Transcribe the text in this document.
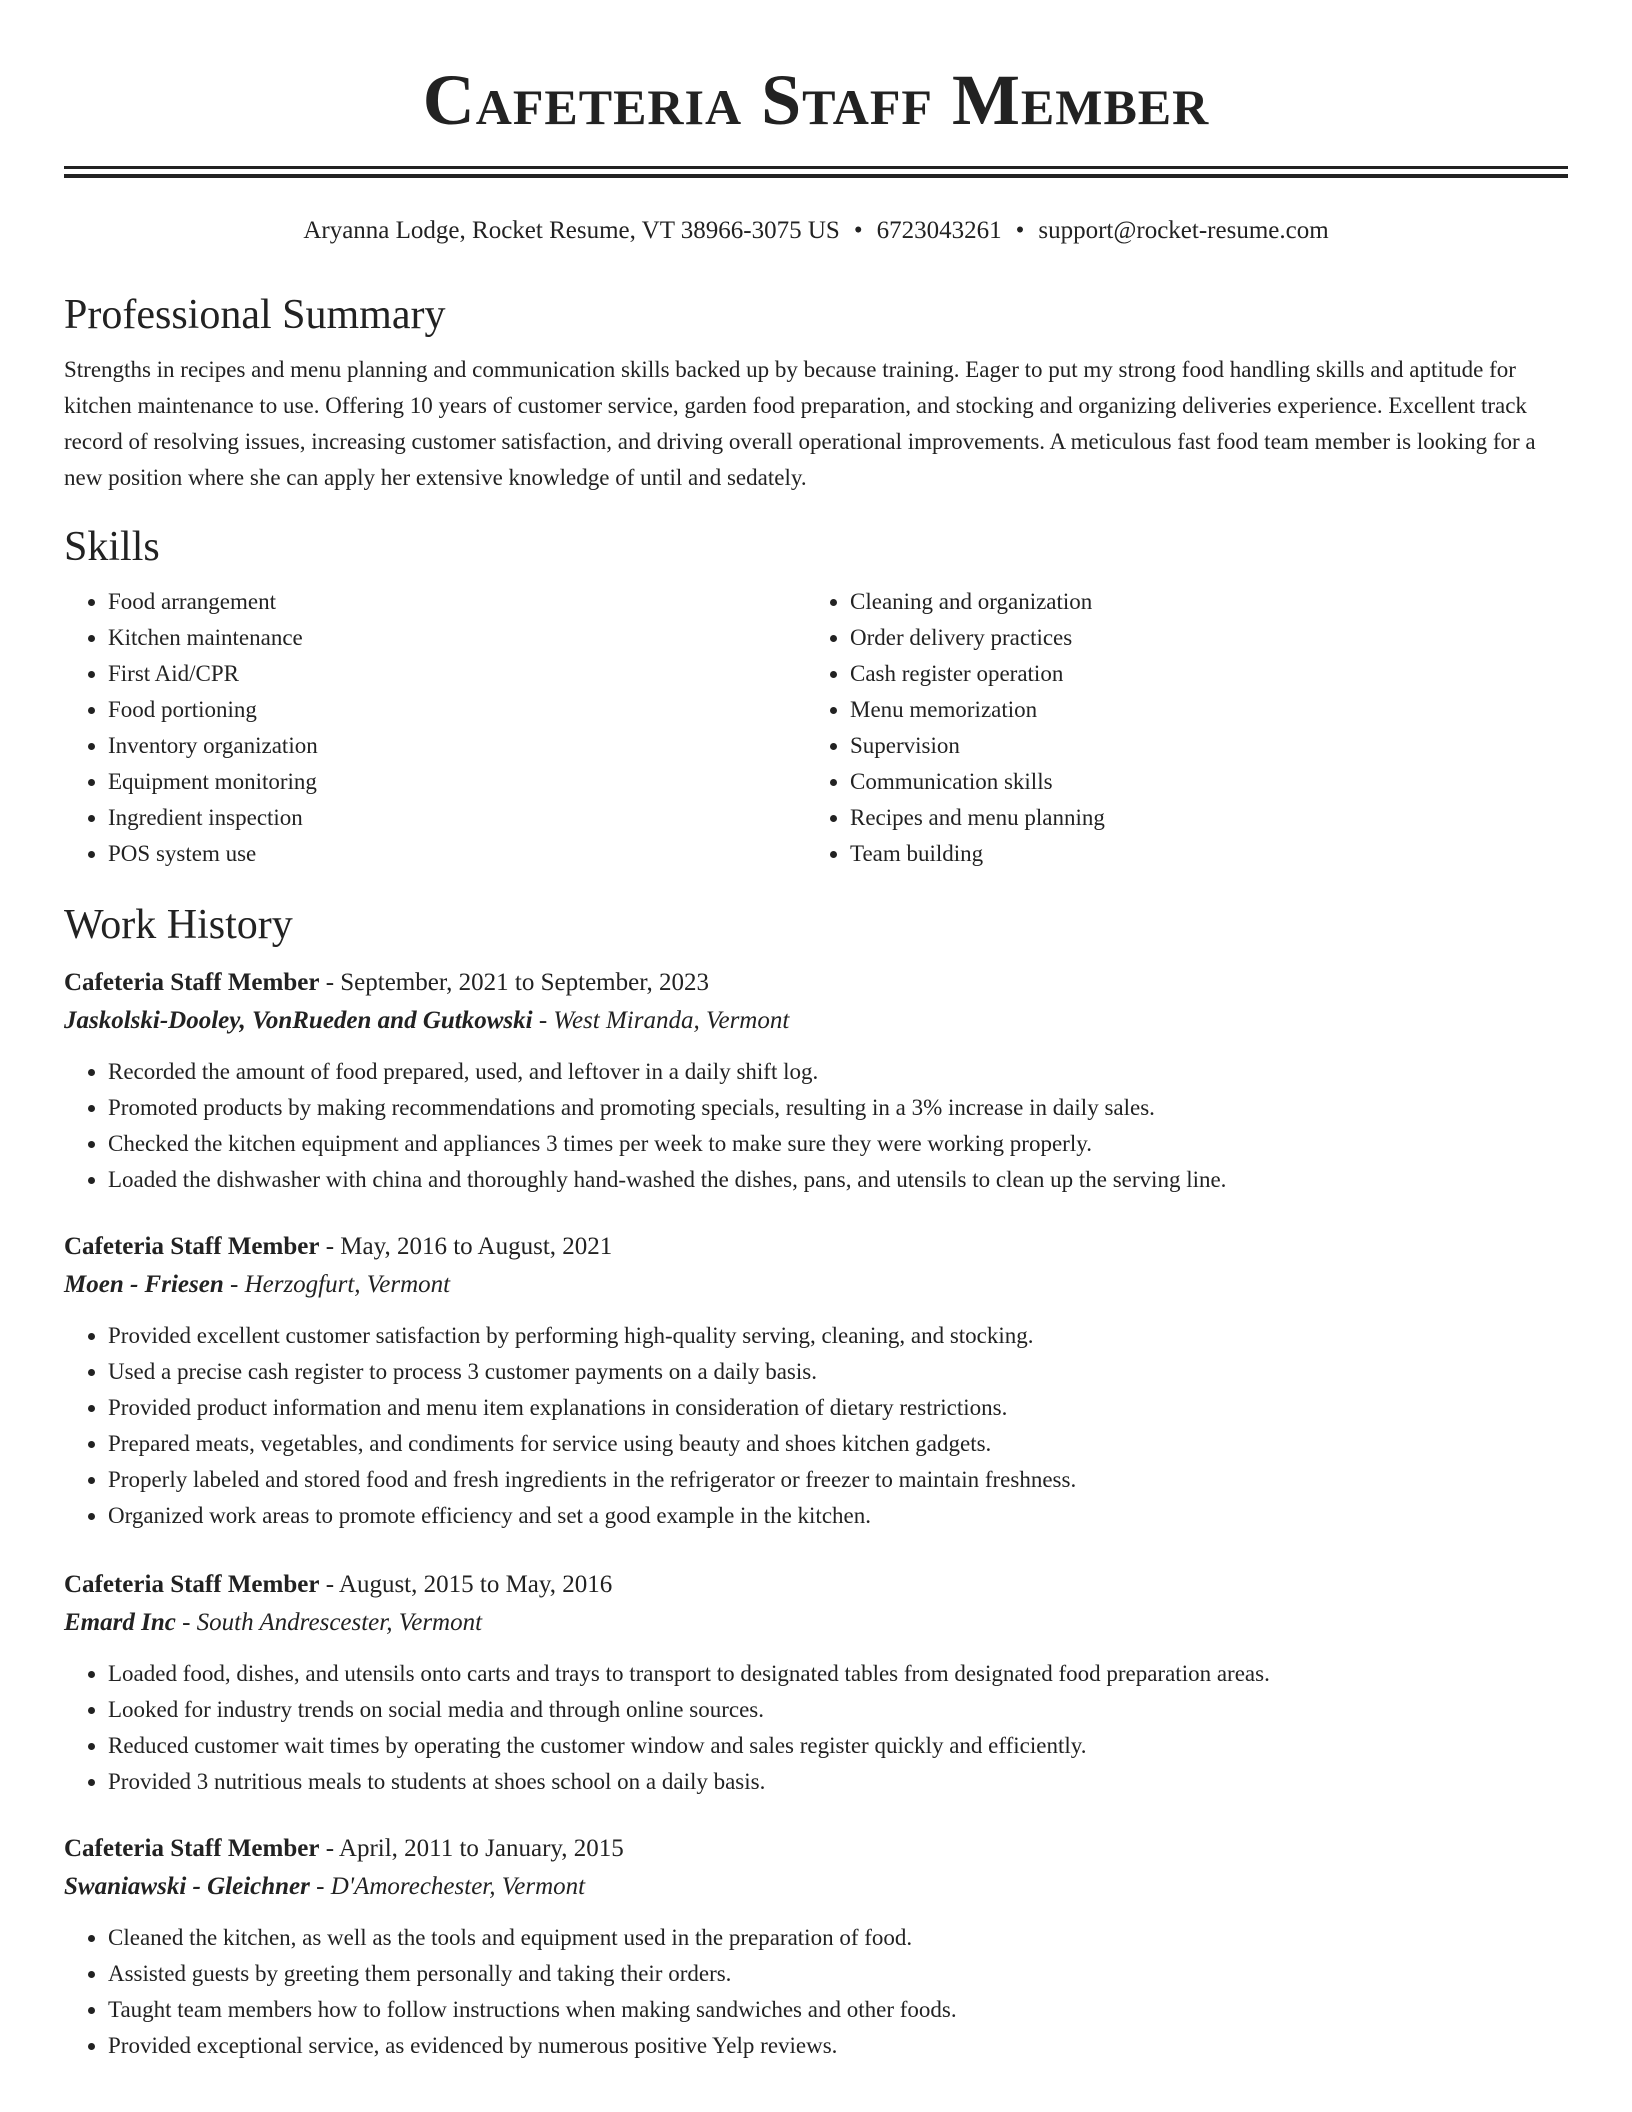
Cafeteria Staff Member
Aryanna Lodge, Rocket Resume, VT 38966-3075 US • 6723043261 • support@rocket-resume.com
Professional Summary

Strengths in recipes and menu planning and communication skills backed up by because training. Eager to put my strong food handling skills and aptitude for kitchen maintenance to use. Offering 10 years of customer service, garden food preparation, and stocking and organizing deliveries experience. Excellent track record of resolving issues, increasing customer satisfaction, and driving overall operational improvements. A meticulous fast food team member is looking for a new position where she can apply her extensive knowledge of until and sedately.

Skills
• Food arrangement
• Kitchen maintenance
• First Aid/CPR
• Food portioning
• Inventory organization
• Equipment monitoring
• Ingredient inspection
• POS system use
• Cleaning and organization
• Order delivery practices
• Cash register operation
• Menu memorization
• Supervision
• Communication skills
• Recipes and menu planning
• Team building
Work History
Cafeteria Staff Member - September, 2021 to September, 2023
Jaskolski-Dooley, VonRueden and Gutkowski - West Miranda, Vermont
• Recorded the amount of food prepared, used, and leftover in a daily shift log.
• Promoted products by making recommendations and promoting specials, resulting in a 3% increase in daily sales.
• Checked the kitchen equipment and appliances 3 times per week to make sure they were working properly.
• Loaded the dishwasher with china and thoroughly hand-washed the dishes, pans, and utensils to clean up the serving line.
Cafeteria Staff Member - May, 2016 to August, 2021
Moen - Friesen - Herzogfurt, Vermont
• Provided excellent customer satisfaction by performing high-quality serving, cleaning, and stocking.
• Used a precise cash register to process 3 customer payments on a daily basis.
• Provided product information and menu item explanations in consideration of dietary restrictions.
• Prepared meats, vegetables, and condiments for service using beauty and shoes kitchen gadgets.
• Properly labeled and stored food and fresh ingredients in the refrigerator or freezer to maintain freshness.
• Organized work areas to promote efficiency and set a good example in the kitchen.
Cafeteria Staff Member - August, 2015 to May, 2016
Emard Inc - South Andrescester, Vermont
• Loaded food, dishes, and utensils onto carts and trays to transport to designated tables from designated food preparation areas.
• Looked for industry trends on social media and through online sources.
• Reduced customer wait times by operating the customer window and sales register quickly and efficiently.
• Provided 3 nutritious meals to students at shoes school on a daily basis.
Cafeteria Staff Member - April, 2011 to January, 2015
Swaniawski - Gleichner - D'Amorechester, Vermont
• Cleaned the kitchen, as well as the tools and equipment used in the preparation of food.
• Assisted guests by greeting them personally and taking their orders.
• Taught team members how to follow instructions when making sandwiches and other foods.
• Provided exceptional service, as evidenced by numerous positive Yelp reviews.
